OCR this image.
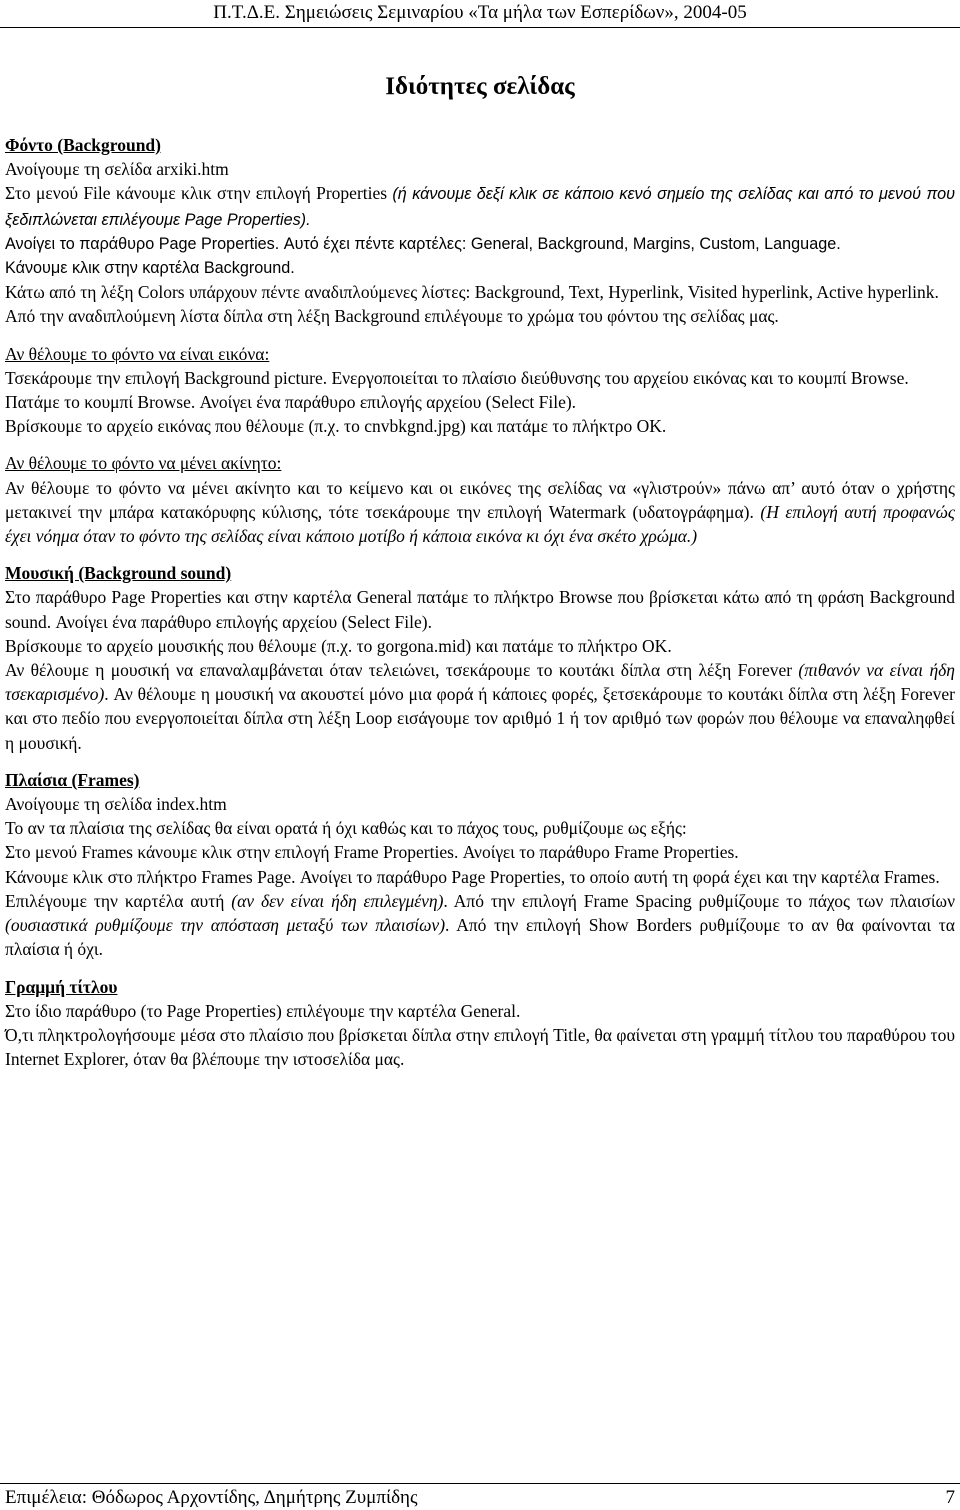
Π.Τ.Δ.Ε. Σημειώσεις Σεμιναρίου «Τα μήλα των Εσπερίδων», 2004-05
Ιδιότητες σελίδας
Φόντο (Background)

Ανοίγουμε τη σελίδα arxiki.htm

Στο μενού File κάνουμε κλικ στην επιλογή Properties (ή κάνουμε δεξί κλικ σε κάποιο κενό σημείο της σελίδας και από το μενού που ξεδιπλώνεται επιλέγουμε Page Properties).

Ανοίγει το παράθυρο Page Properties. Αυτό έχει πέντε καρτέλες: General, Background, Margins, Custom, Language.

Κάνουμε κλικ στην καρτέλα Background.

Κάτω από τη λέξη Colors υπάρχουν πέντε αναδιπλούμενες λίστες: Background, Text, Hyperlink, Visited hyperlink, Active hyperlink.

Από την αναδιπλούμενη λίστα δίπλα στη λέξη Background επιλέγουμε το χρώμα του φόντου της σελίδας μας.

Αν θέλουμε το φόντο να είναι εικόνα:

Τσεκάρουμε την επιλογή Background picture. Ενεργοποιείται το πλαίσιο διεύθυνσης του αρχείου εικόνας και το κουμπί Browse.

Πατάμε το κουμπί Browse. Ανοίγει ένα παράθυρο επιλογής αρχείου (Select File).

Βρίσκουμε το αρχείο εικόνας που θέλουμε (π.χ. το cnvbkgnd.jpg) και πατάμε το πλήκτρο ΟΚ.

Αν θέλουμε το φόντο να μένει ακίνητο:

Αν θέλουμε το φόντο να μένει ακίνητο και το κείμενο και οι εικόνες της σελίδας να «γλιστρούν» πάνω απ’ αυτό όταν ο χρήστης μετακινεί την μπάρα κατακόρυφης κύλισης, τότε τσεκάρουμε την επιλογή Watermark (υδατογράφημα). (Η επιλογή αυτή προφανώς έχει νόημα όταν το φόντο της σελίδας είναι κάποιο μοτίβο ή κάποια εικόνα κι όχι ένα σκέτο χρώμα.)

Μουσική (Background sound)

Στο παράθυρο Page Properties και στην καρτέλα General πατάμε το πλήκτρο Browse που βρίσκεται κάτω από τη φράση Background sound. Ανοίγει ένα παράθυρο επιλογής αρχείου (Select File).

Βρίσκουμε το αρχείο μουσικής που θέλουμε (π.χ. το gorgona.mid) και πατάμε το πλήκτρο ΟΚ.

Αν θέλουμε η μουσική να επαναλαμβάνεται όταν τελειώνει, τσεκάρουμε το κουτάκι δίπλα στη λέξη Forever (πιθανόν να είναι ήδη τσεκαρισμένο). Αν θέλουμε η μουσική να ακουστεί μόνο μια φορά ή κάποιες φορές, ξετσεκάρουμε το κουτάκι δίπλα στη λέξη Forever και στο πεδίο που ενεργοποιείται δίπλα στη λέξη Loop εισάγουμε τον αριθμό 1 ή τον αριθμό των φορών που θέλουμε να επαναληφθεί η μουσική.

Πλαίσια (Frames)

Ανοίγουμε τη σελίδα index.htm

Το αν τα πλαίσια της σελίδας θα είναι ορατά ή όχι καθώς και το πάχος τους, ρυθμίζουμε ως εξής:

Στο μενού Frames κάνουμε κλικ στην επιλογή Frame Properties. Ανοίγει το παράθυρο Frame Properties.

Κάνουμε κλικ στο πλήκτρο Frames Page. Ανοίγει το παράθυρο Page Properties, το οποίο αυτή τη φορά έχει και την καρτέλα Frames.

Επιλέγουμε την καρτέλα αυτή (αν δεν είναι ήδη επιλεγμένη). Από την επιλογή Frame Spacing ρυθμίζουμε το πάχος των πλαισίων (ουσιαστικά ρυθμίζουμε την απόσταση μεταξύ των πλαισίων). Από την επιλογή Show Borders ρυθμίζουμε το αν θα φαίνονται τα πλαίσια ή όχι.

Γραμμή τίτλου

Στο ίδιο παράθυρο (το Page Properties) επιλέγουμε την καρτέλα General.

Ό,τι πληκτρολογήσουμε μέσα στο πλαίσιο που βρίσκεται δίπλα στην επιλογή Title, θα φαίνεται στη γραμμή τίτλου του παραθύρου του Internet Explorer, όταν θα βλέπουμε την ιστοσελίδα μας.

Επιμέλεια: Θόδωρος Αρχοντίδης, Δημήτρης Ζυμπίδης	7
